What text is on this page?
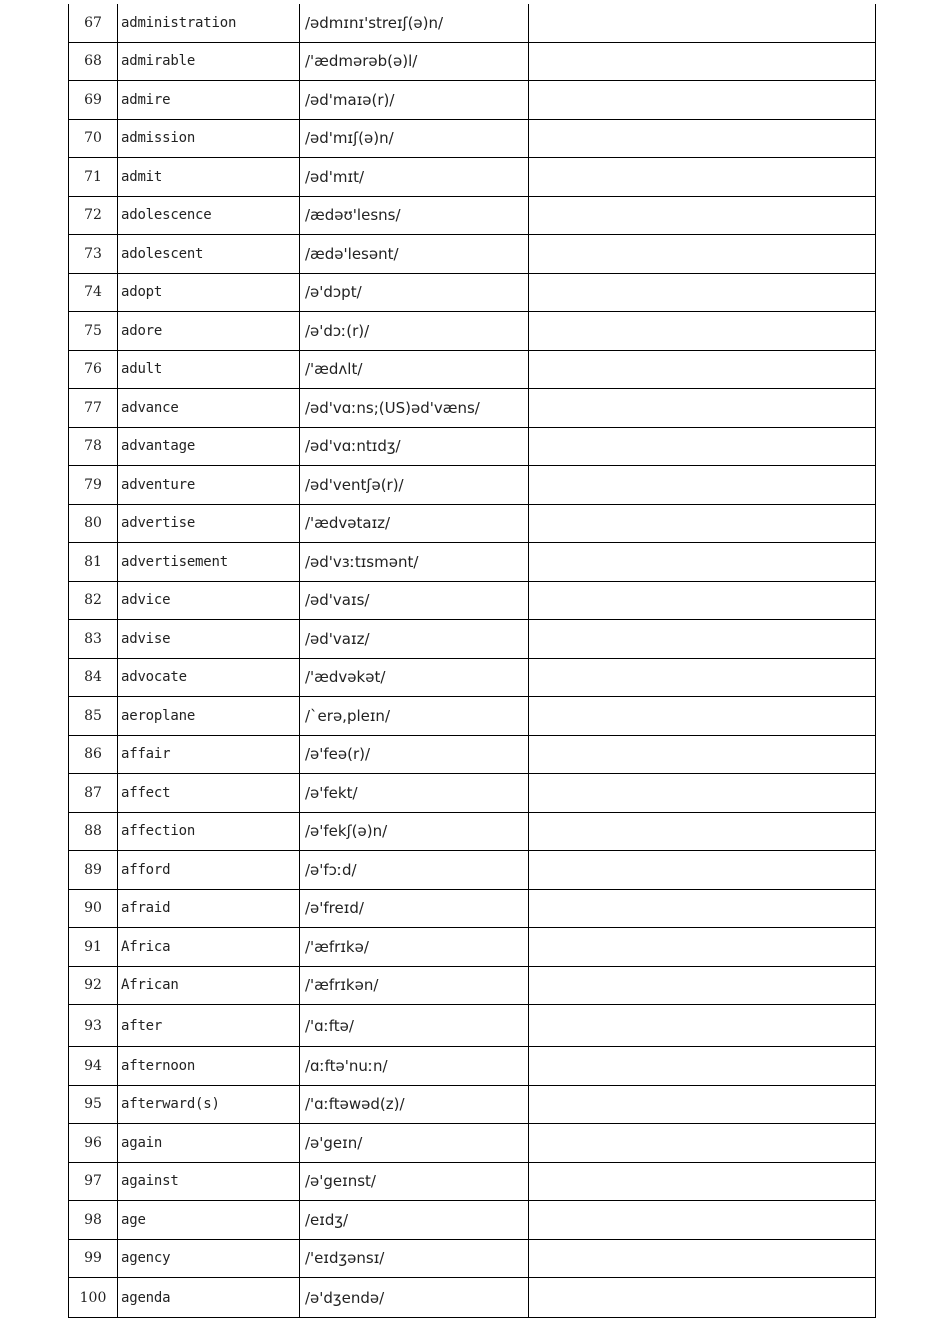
67	administration	/ədmɪnɪ'streɪʃ(ə)n/	
68	admirable	/'ædmərəb(ə)l/	
69	admire	/əd'maɪə(r)/	
70	admission	/əd'mɪʃ(ə)n/	
71	admit	/əd'mɪt/	
72	adolescence	/ædəʊ'lesns/	
73	adolescent	/ædə'lesənt/	
74	adopt	/ə'dɔpt/	
75	adore	/ə'dɔː(r)/	
76	adult	/'ædʌlt/	
77	advance	/əd'vɑːns;(US)əd'væns/	
78	advantage	/əd'vɑːntɪdʒ/	
79	adventure	/əd'ventʃə(r)/	
80	advertise	/'ædvətaɪz/	
81	advertisement	/əd'vɜːtɪsmənt/	
82	advice	/əd'vaɪs/	
83	advise	/əd'vaɪz/	
84	advocate	/'ædvəkət/	
85	aeroplane	/ˋerə,pleɪn/	
86	affair	/ə'feə(r)/	
87	affect	/ə'fekt/	
88	affection	/ə'fekʃ(ə)n/	
89	afford	/ə'fɔːd/	
90	afraid	/ə'freɪd/	
91	Africa	/'æfrɪkə/	
92	African	/'æfrɪkən/	
93	after	/'ɑːftə/	
94	afternoon	/ɑːftə'nuːn/	
95	afterward(s)	/'ɑːftəwəd(z)/	
96	again	/ə'geɪn/	
97	against	/ə'geɪnst/	
98	age	/eɪdʒ/	
99	agency	/'eɪdʒənsɪ/	
100	agenda	/ə'dʒendə/	
